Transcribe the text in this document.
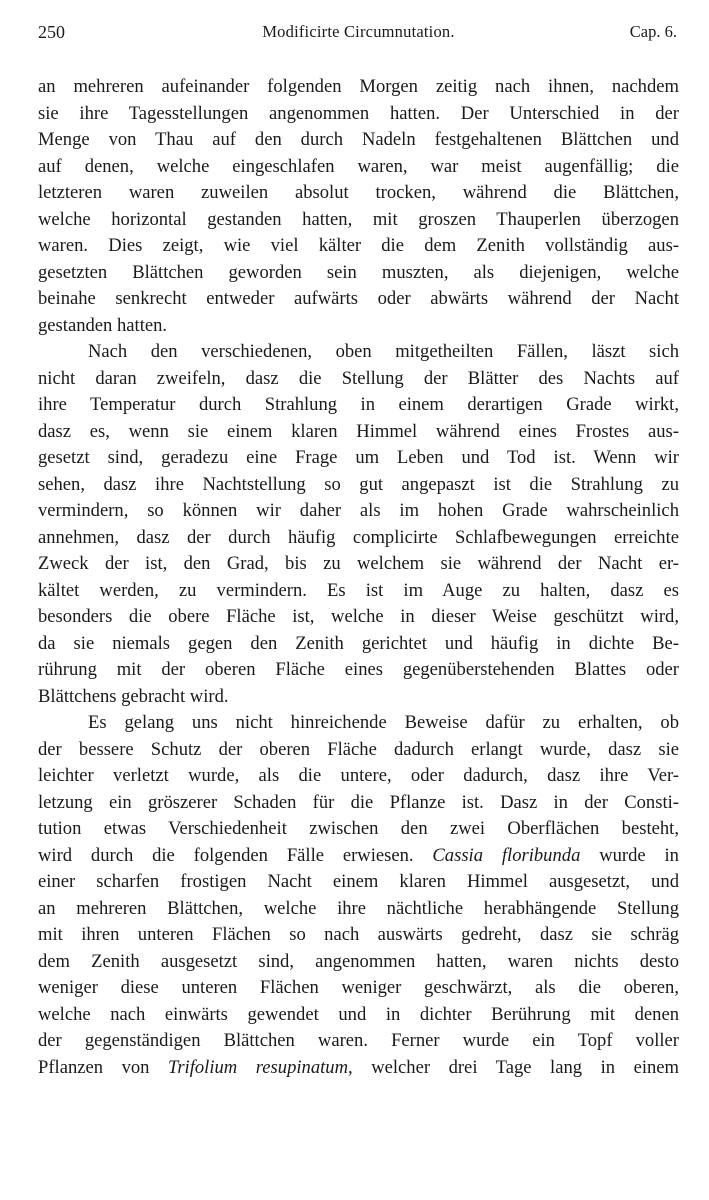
250	Modificirte Circumnutation.	Cap. 6.

an mehreren aufeinander folgenden Morgen zeitig nach ihnen, nachdem
sie ihre Tagesstellungen angenommen hatten. Der Unterschied in der
Menge von Thau auf den durch Nadeln festgehaltenen Blättchen und
auf denen, welche eingeschlafen waren, war meist augenfällig; die
letzteren waren zuweilen absolut trocken, während die Blättchen,
welche horizontal gestanden hatten, mit groszen Thauperlen überzogen
waren. Dies zeigt, wie viel kälter die dem Zenith vollständig aus-
gesetzten Blättchen geworden sein muszten, als diejenigen, welche
beinahe senkrecht entweder aufwärts oder abwärts während der Nacht
gestanden hatten.

Nach den verschiedenen, oben mitgetheilten Fällen, läszt sich
nicht daran zweifeln, dasz die Stellung der Blätter des Nachts auf
ihre Temperatur durch Strahlung in einem derartigen Grade wirkt,
dasz es, wenn sie einem klaren Himmel während eines Frostes aus-
gesetzt sind, geradezu eine Frage um Leben und Tod ist. Wenn wir
sehen, dasz ihre Nachtstellung so gut angepaszt ist die Strahlung zu
vermindern, so können wir daher als im hohen Grade wahrscheinlich
annehmen, dasz der durch häufig complicirte Schlafbewegungen erreichte
Zweck der ist, den Grad, bis zu welchem sie während der Nacht er-
kältet werden, zu vermindern. Es ist im Auge zu halten, dasz es
besonders die obere Fläche ist, welche in dieser Weise geschützt wird,
da sie niemals gegen den Zenith gerichtet und häufig in dichte Be-
rührung mit der oberen Fläche eines gegenüberstehenden Blattes oder
Blättchens gebracht wird.

Es gelang uns nicht hinreichende Beweise dafür zu erhalten, ob
der bessere Schutz der oberen Fläche dadurch erlangt wurde, dasz sie
leichter verletzt wurde, als die untere, oder dadurch, dasz ihre Ver-
letzung ein gröszerer Schaden für die Pflanze ist. Dasz in der Consti-
tution etwas Verschiedenheit zwischen den zwei Oberflächen besteht,
wird durch die folgenden Fälle erwiesen. Cassia floribunda wurde in
einer scharfen frostigen Nacht einem klaren Himmel ausgesetzt, und
an mehreren Blättchen, welche ihre nächtliche herabhängende Stellung
mit ihren unteren Flächen so nach auswärts gedreht, dasz sie schräg
dem Zenith ausgesetzt sind, angenommen hatten, waren nichts desto
weniger diese unteren Flächen weniger geschwärzt, als die oberen,
welche nach einwärts gewendet und in dichter Berührung mit denen
der gegenständigen Blättchen waren. Ferner wurde ein Topf voller
Pflanzen von Trifolium resupinatum, welcher drei Tage lang in einem
